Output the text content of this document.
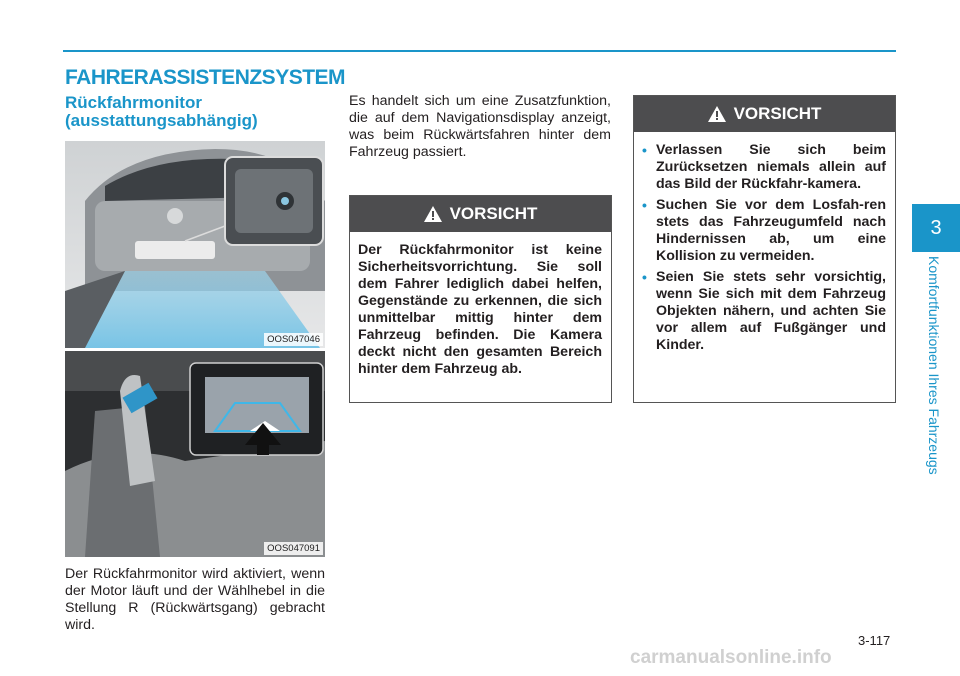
FAHRERASSISTENZSYSTEM
Rückfahrmonitor (ausstattungsabhängig)
OOS047046
OOS047091
Der Rückfahrmonitor wird aktiviert, wenn der Motor läuft und der Wählhebel in die Stellung R (Rückwärtsgang) gebracht wird.
Es handelt sich um eine Zusatzfunktion, die auf dem Navigationsdisplay anzeigt, was beim Rückwärtsfahren hinter dem Fahrzeug passiert.
VORSICHT
Der Rückfahrmonitor ist keine Sicherheitsvorrichtung. Sie soll dem Fahrer lediglich dabei helfen, Gegenstände zu erkennen, die sich unmittelbar mittig hinter dem Fahrzeug befinden. Die Kamera deckt nicht den gesamten Bereich hinter dem Fahrzeug ab.
VORSICHT
• Verlassen Sie sich beim Zurücksetzen niemals allein auf das Bild der Rückfahr-kamera.
• Suchen Sie vor dem Losfah-ren stets das Fahrzeugumfeld nach Hindernissen ab, um eine Kollision zu vermeiden.
• Seien Sie stets sehr vorsichtig, wenn Sie sich mit dem Fahrzeug Objekten nähern, und achten Sie vor allem auf Fußgänger und Kinder.
3
Komfortfunktionen Ihres Fahrzeugs
3-117
carmanualsonline.info
